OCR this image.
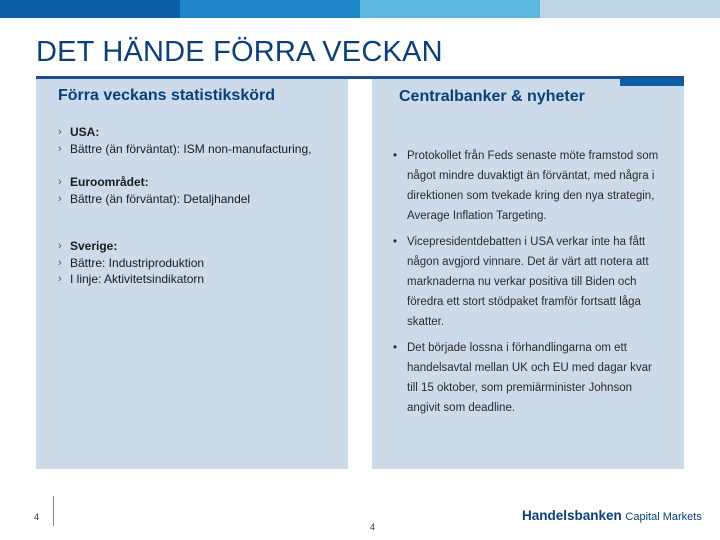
DET HÄNDE FÖRRA VECKAN
Förra veckans statistikskörd	Centralbanker & nyheter
› USA:
› Bättre (än förväntat): ISM non-manufacturing,
› Euroområdet:
› Bättre (än förväntat): Detaljhandel
› Sverige:
› Bättre: Industriproduktion
› I linje: Aktivitetsindikatorn
• Protokollet från Feds senaste möte framstod som något mindre duvaktigt än förväntat, med några i direktionen som tvekade kring den nya strategin, Average Inflation Targeting.
• Vicepresidentdebatten i USA verkar inte ha fått någon avgjord vinnare. Det är värt att notera att marknaderna nu verkar positiva till Biden och föredra ett stort stödpaket framför fortsatt låga skatter.
• Det började lossna i förhandlingarna om ett handelsavtal mellan UK och EU med dagar kvar till 15 oktober, som premiärminister Johnson angivit som deadline.
4
4
Handelsbanken Capital Markets
